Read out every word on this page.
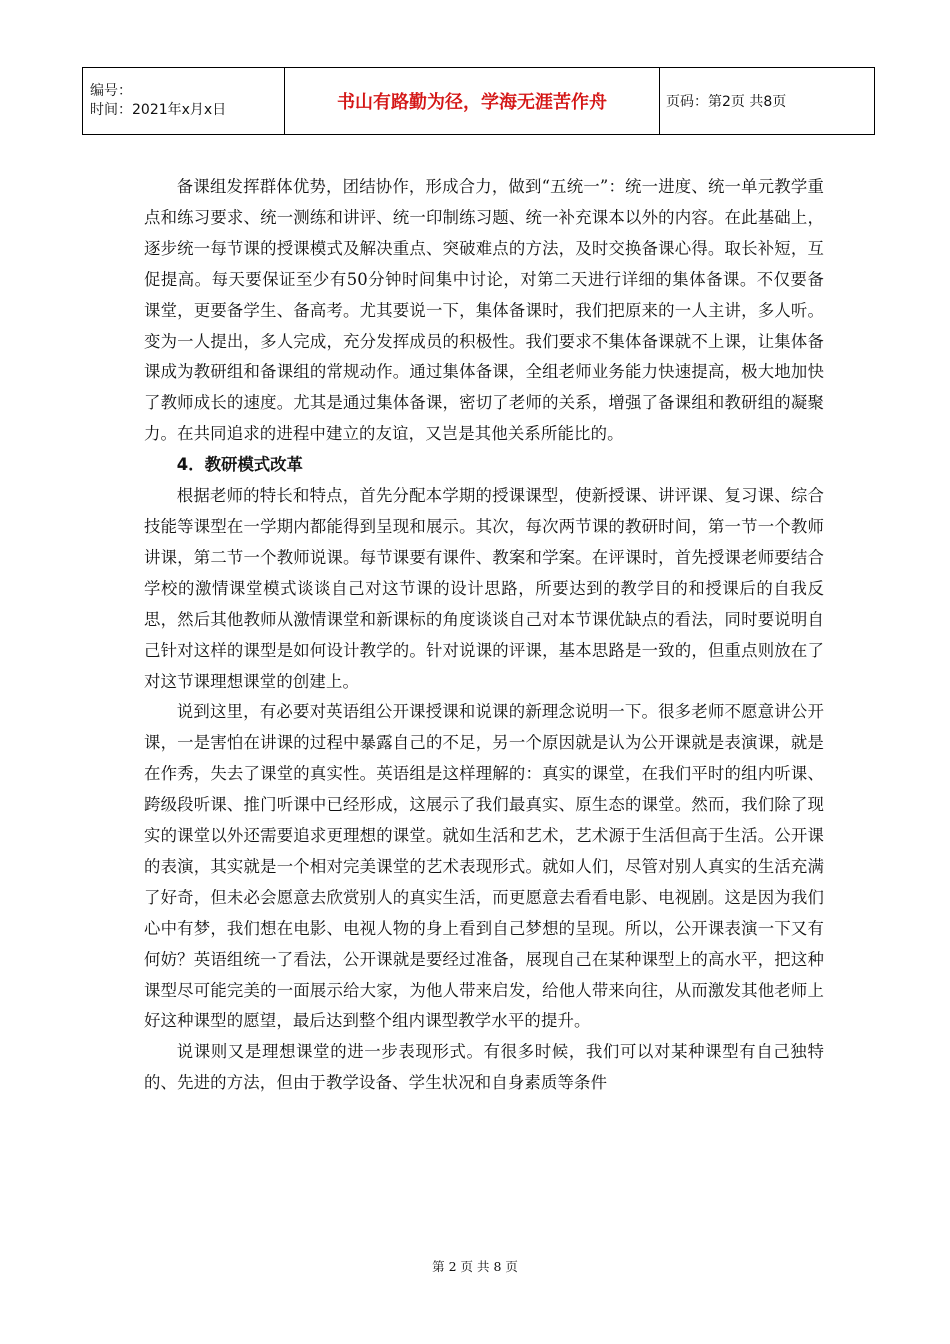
编号：
时间：2021年x月x日	书山有路勤为径，学海无涯苦作舟	页码：第2页 共8页

备课组发挥群体优势，团结协作，形成合力，做到“五统一”：统一进度、统一单元教学重点和练习要求、统一测练和讲评、统一印制练习题、统一补充课本以外的内容。在此基础上，逐步统一每节课的授课模式及解决重点、突破难点的方法，及时交换备课心得。取长补短，互促提高。每天要保证至少有50分钟时间集中讨论，对第二天进行详细的集体备课。不仅要备课堂，更要备学生、备高考。尤其要说一下，集体备课时，我们把原来的一人主讲，多人听。变为一人提出，多人完成，充分发挥成员的积极性。我们要求不集体备课就不上课，让集体备课成为教研组和备课组的常规动作。通过集体备课，全组老师业务能力快速提高，极大地加快了教师成长的速度。尤其是通过集体备课，密切了老师的关系，增强了备课组和教研组的凝聚力。在共同追求的进程中建立的友谊，又岂是其他关系所能比的。

4．教研模式改革

根据老师的特长和特点，首先分配本学期的授课课型，使新授课、讲评课、复习课、综合技能等课型在一学期内都能得到呈现和展示。其次，每次两节课的教研时间，第一节一个教师讲课，第二节一个教师说课。每节课要有课件、教案和学案。在评课时，首先授课老师要结合学校的激情课堂模式谈谈自己对这节课的设计思路，所要达到的教学目的和授课后的自我反思，然后其他教师从激情课堂和新课标的角度谈谈自己对本节课优缺点的看法，同时要说明自己针对这样的课型是如何设计教学的。针对说课的评课，基本思路是一致的，但重点则放在了对这节课理想课堂的创建上。

说到这里，有必要对英语组公开课授课和说课的新理念说明一下。很多老师不愿意讲公开课，一是害怕在讲课的过程中暴露自己的不足，另一个原因就是认为公开课就是表演课，就是在作秀，失去了课堂的真实性。英语组是这样理解的：真实的课堂，在我们平时的组内听课、跨级段听课、推门听课中已经形成，这展示了我们最真实、原生态的课堂。然而，我们除了现实的课堂以外还需要追求更理想的课堂。就如生活和艺术，艺术源于生活但高于生活。公开课的表演，其实就是一个相对完美课堂的艺术表现形式。就如人们，尽管对别人真实的生活充满了好奇，但未必会愿意去欣赏别人的真实生活，而更愿意去看看电影、电视剧。这是因为我们心中有梦，我们想在电影、电视人物的身上看到自己梦想的呈现。所以，公开课表演一下又有何妨？英语组统一了看法，公开课就是要经过准备，展现自己在某种课型上的高水平，把这种课型尽可能完美的一面展示给大家，为他人带来启发，给他人带来向往，从而激发其他老师上好这种课型的愿望，最后达到整个组内课型教学水平的提升。

说课则又是理想课堂的进一步表现形式。有很多时候，我们可以对某种课型有自己独特的、先进的方法，但由于教学设备、学生状况和自身素质等条件

第 2 页 共 8 页
